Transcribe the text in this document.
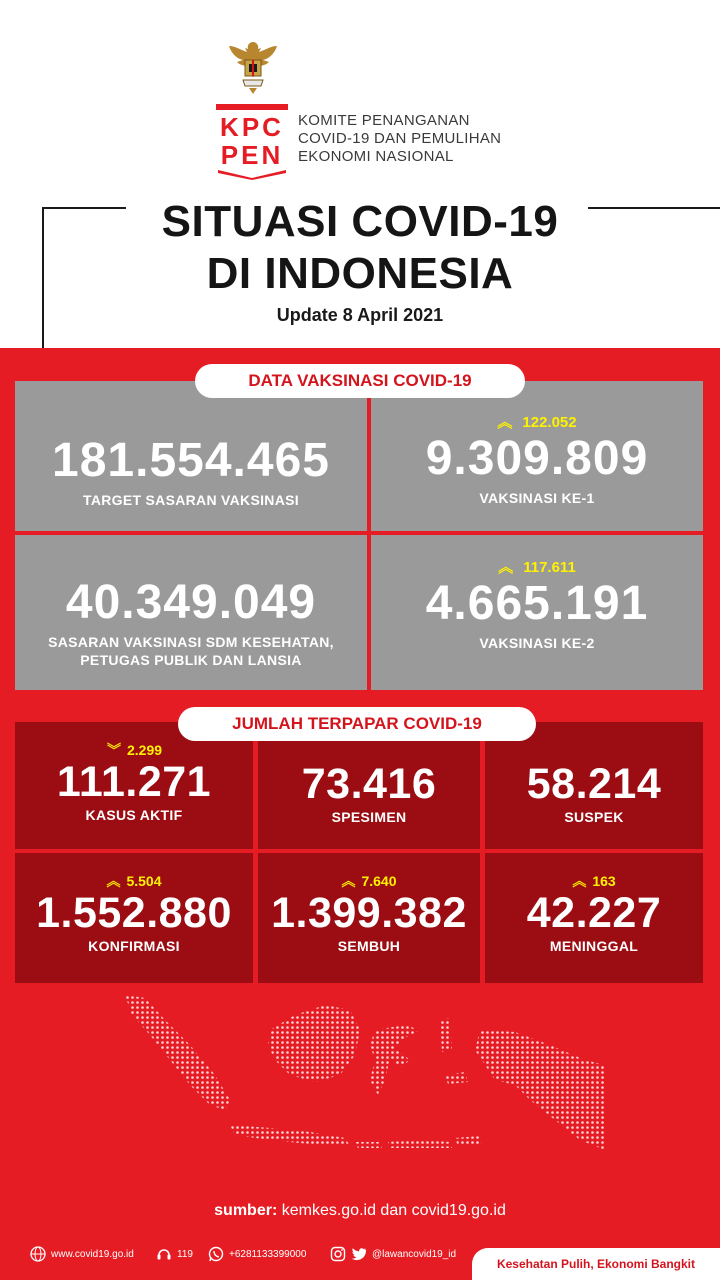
KPC
PEN
KOMITE PENANGANAN
COVID-19 DAN PEMULIHAN
EKONOMI NASIONAL
SITUASI COVID-19
DI INDONESIA
Update 8 April 2021
181.554.465
TARGET SASARAN VAKSINASI
︽ 122.052
9.309.809
VAKSINASI KE-1
40.349.049
SASARAN VAKSINASI SDM KESEHATAN,
PETUGAS PUBLIK DAN LANSIA
︽ 117.611
4.665.191
VAKSINASI KE-2
DATA VAKSINASI COVID-19
︾ 2.299
111.271
KASUS AKTIF
73.416
SPESIMEN
58.214
SUSPEK
︽ 5.504
1.552.880
KONFIRMASI
︽ 7.640
1.399.382
SEMBUH
︽ 163
42.227
MENINGGAL
JUMLAH TERPAPAR COVID-19
sumber: kemkes.go.id dan covid19.go.id
www.covid19.go.id	119	+6281133399000	@lawancovid19_id
Kesehatan Pulih, Ekonomi Bangkit
